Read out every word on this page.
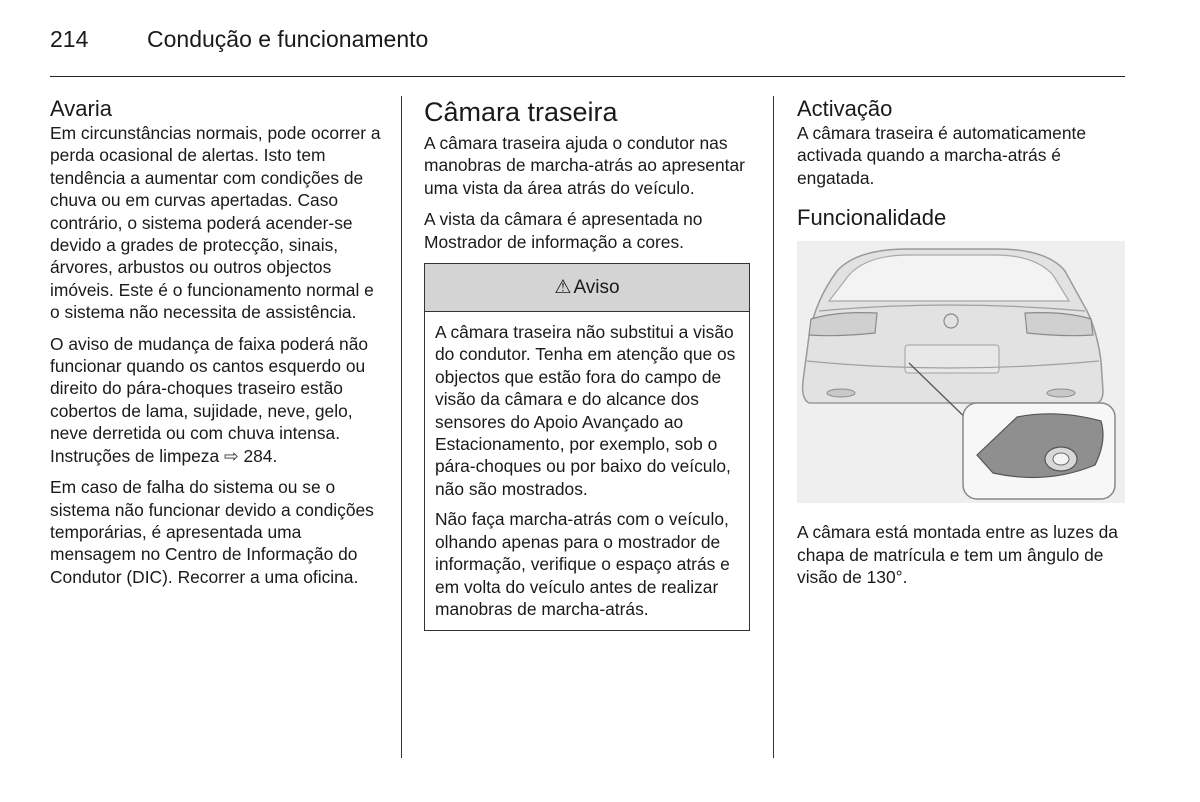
214	Condução e funcionamento
Avaria

Em circunstâncias normais, pode ocorrer a perda ocasional de alertas. Isto tem tendência a aumentar com condições de chuva ou em curvas apertadas. Caso contrário, o sistema poderá acender-se devido a grades de protecção, sinais, árvores, arbustos ou outros objectos imóveis. Este é o funcionamento normal e o sistema não necessita de assistência.

O aviso de mudança de faixa poderá não funcionar quando os cantos esquerdo ou direito do pára-choques traseiro estão cobertos de lama, sujidade, neve, gelo, neve derretida ou com chuva intensa. Instruções de limpeza ⇨ 284.

Em caso de falha do sistema ou se o sistema não funcionar devido a condições temporárias, é apresentada uma mensagem no Centro de Informação do Condutor (DIC). Recorrer a uma oficina.

Câmara traseira

A câmara traseira ajuda o condutor nas manobras de marcha-atrás ao apresentar uma vista da área atrás do veículo.

A vista da câmara é apresentada no Mostrador de informação a cores.

⚠ Aviso

A câmara traseira não substitui a visão do condutor. Tenha em atenção que os objectos que estão fora do campo de visão da câmara e do alcance dos sensores do Apoio Avançado ao Estacionamento, por exemplo, sob o pára-choques ou por baixo do veículo, não são mostrados.

Não faça marcha-atrás com o veículo, olhando apenas para o mostrador de informação, verifique o espaço atrás e em volta do veículo antes de realizar manobras de marcha-atrás.

Activação

A câmara traseira é automaticamente activada quando a marcha-atrás é engatada.

Funcionalidade

A câmara está montada entre as luzes da chapa de matrícula e tem um ângulo de visão de 130°.
